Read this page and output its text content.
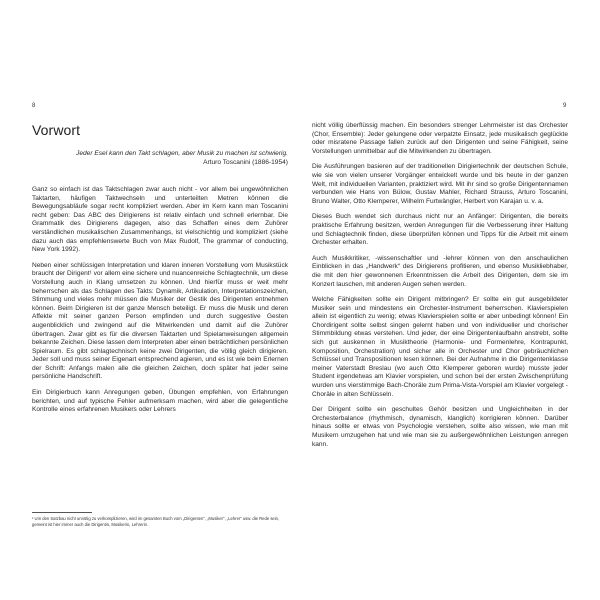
8	9
Vorwort
Jeder Esel kann den Takt schlagen, aber Musik zu machen ist schwierig.
Arturo Toscanini (1886-1954)

Ganz so einfach ist das Taktschlagen zwar auch nicht - vor allem bei ungewöhnlichen Taktarten, häufigen Taktwechseln und unterteilten Metren können die Bewegungsabläufe sogar recht kompliziert werden. Aber im Kern kann man Toscanini recht geben: Das ABC des Dirigierens ist relativ einfach und schnell erlernbar. Die Grammatik des Dirigierens dagegen, also das Schaffen eines dem Zuhörer verständlichen musikalischen Zusammenhangs, ist vielschichtig und kompliziert (siehe dazu auch das empfehlenswerte Buch von Max Rudolf, The grammar of conducting, New York 1992).

Neben einer schlüssigen Interpretation und klaren inneren Vorstellung vom Musikstück braucht der Dirigent¹ vor allem eine sichere und nuancenreiche Schlagtechnik, um diese Vorstellung auch in Klang umsetzen zu können. Und hierfür muss er weit mehr beherrschen als das Schlagen des Takts: Dynamik, Artikulation, Interpretationszeichen, Stimmung und vieles mehr müssen die Musiker der Gestik des Dirigenten entnehmen können. Beim Dirigieren ist der ganze Mensch beteiligt. Er muss die Musik und deren Affekte mit seiner ganzen Person empfinden und durch suggestive Gesten augenblicklich und zwingend auf die Mitwirkenden und damit auf die Zuhörer übertragen. Zwar gibt es für die diversen Taktarten und Spielanweisungen allgemein bekannte Zeichen. Diese lassen dem Interpreten aber einen beträchtlichen persönlichen Spielraum. Es gibt schlagtechnisch keine zwei Dirigenten, die völlig gleich dirigieren. Jeder soll und muss seiner Eigenart entsprechend agieren, und es ist wie beim Erlernen der Schrift: Anfangs malen alle die gleichen Zeichen, doch später hat jeder seine persönliche Handschrift.

Ein Dirigierbuch kann Anregungen geben, Übungen empfehlen, von Erfahrungen berichten, und auf typische Fehler aufmerksam machen, wird aber die gelegentliche Kontrolle eines erfahrenen Musikers oder Lehrers

¹ Um den Satzbau nicht unnötig zu verkomplizieren, wird im gesamten Buch vom „Dirigenten“, „Musiker“, „Lehrer“ usw. die Rede sein, gemeint ist hier immer auch die Dirigentin, Musikerin, Lehrerin.

nicht völlig überflüssig machen. Ein besonders strenger Lehrmeister ist das Orchester (Chor, Ensemble): Jeder gelungene oder verpatzte Einsatz, jede musikalisch geglückte oder misratene Passage fallen zurück auf den Dirigenten und seine Fähigkeit, seine Vorstellungen unmittelbar auf die Mitwirkenden zu übertragen.

Die Ausführungen basieren auf der traditionellen Dirigiertechnik der deutschen Schule, wie sie von vielen unserer Vorgänger entwickelt wurde und bis heute in der ganzen Welt, mit individuellen Varianten, praktiziert wird. Mit ihr sind so große Dirigentennamen verbunden wie Hans von Bülow, Gustav Mahler, Richard Strauss, Arturo Toscanini, Bruno Walter, Otto Klemperer, Wilhelm Furtwängler, Herbert von Karajan u. v. a.

Dieses Buch wendet sich durchaus nicht nur an Anfänger: Dirigenten, die bereits praktische Erfahrung besitzen, werden Anregungen für die Verbesserung ihrer Haltung und Schlagtechnik finden, diese überprüfen können und Tipps für die Arbeit mit einem Orchester erhalten.

Auch Musikkritiker, -wissenschaftler und -lehrer können von den anschaulichen Einblicken in das „Handwerk“ des Dirigierens profitieren, und ebenso Musikliebhaber, die mit den hier gewonnenen Erkenntnissen die Arbeit des Dirigenten, dem sie im Konzert lauschen, mit anderen Augen sehen werden.

Welche Fähigkeiten sollte ein Dirigent mitbringen? Er sollte ein gut ausgebildeter Musiker sein und mindestens ein Orchester-Instrument beherrschen. Klavierspielen allein ist eigentlich zu wenig; etwas Klavierspielen sollte er aber unbedingt können! Ein Chordirigent sollte selbst singen gelernt haben und von individueller und chorischer Stimmbildung etwas verstehen. Und jeder, der eine Dirigentenlaufbahn anstrebt, sollte sich gut auskennen in Musiktheorie (Harmonie- und Formenlehre, Kontrapunkt, Komposition, Orchestration) und sicher alle in Orchester und Chor gebräuchlichen Schlüssel und Transpositionen lesen können. Bei der Aufnahme in die Dirigentenklasse meiner Vaterstadt Breslau (wo auch Otto Klemperer geboren wurde) musste jeder Student irgendetwas am Klavier vorspielen, und schon bei der ersten Zwischenprüfung wurden uns vierstimmige Bach-Choräle zum Prima-Vista-Vorspiel am Klavier vorgelegt - Choräle in alten Schlüsseln.

Der Dirigent sollte ein geschultes Gehör besitzen und Ungleichheiten in der Orchesterbalance (rhythmisch, dynamisch, klanglich) korrigieren können. Darüber hinaus sollte er etwas von Psychologie verstehen, sollte also wissen, wie man mit Musikern umzugehen hat und wie man sie zu außergewöhnlichen Leistungen anregen kann.
